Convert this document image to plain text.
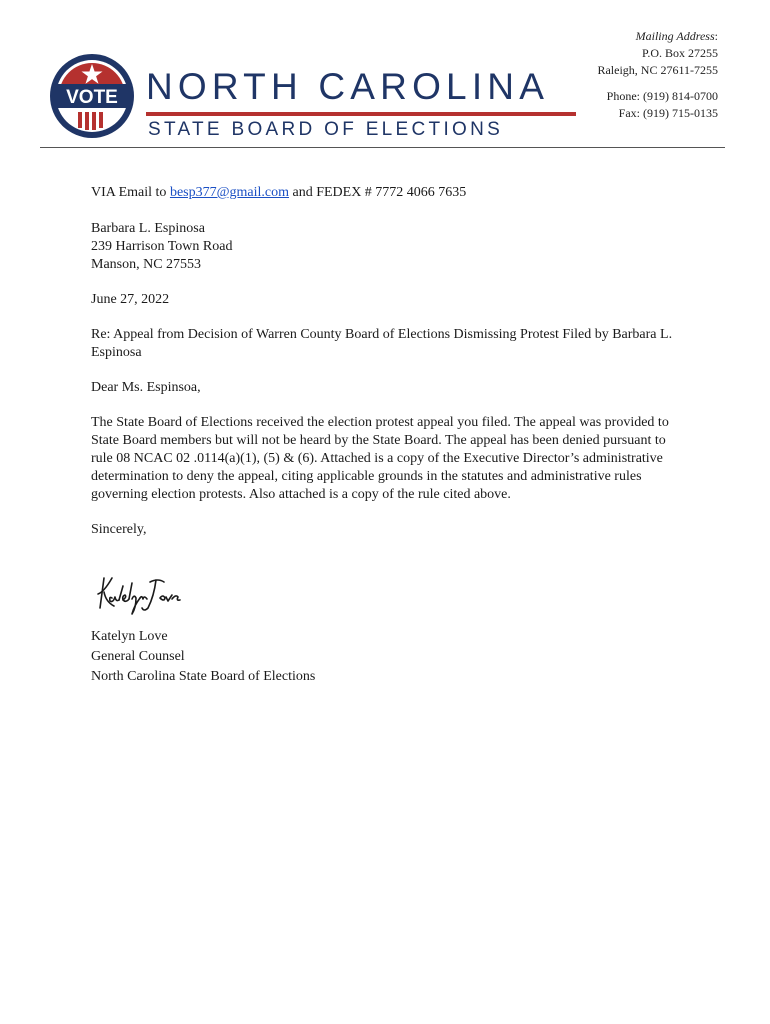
VOTE NORTH CAROLINA
STATE BOARD OF ELECTIONS
Mailing Address:
P.O. Box 27255
Raleigh, NC 27611-7255
Phone: (919) 814-0700
Fax: (919) 715-0135

VIA Email to besp377@gmail.com and FEDEX # 7772 4066 7635

Barbara L. Espinosa

239 Harrison Town Road

Manson, NC 27553

June 27, 2022

Re: Appeal from Decision of Warren County Board of Elections Dismissing Protest Filed by Barbara L. Espinosa

Dear Ms. Espinsoa,

The State Board of Elections received the election protest appeal you filed. The appeal was provided to State Board members but will not be heard by the State Board. The appeal has been denied pursuant to rule 08 NCAC 02 .0114(a)(1), (5) & (6). Attached is a copy of the Executive Director’s administrative determination to deny the appeal, citing applicable grounds in the statutes and administrative rules governing election protests. Also attached is a copy of the rule cited above.

Sincerely,

Katelyn Love
General Counsel
North Carolina State Board of Elections
